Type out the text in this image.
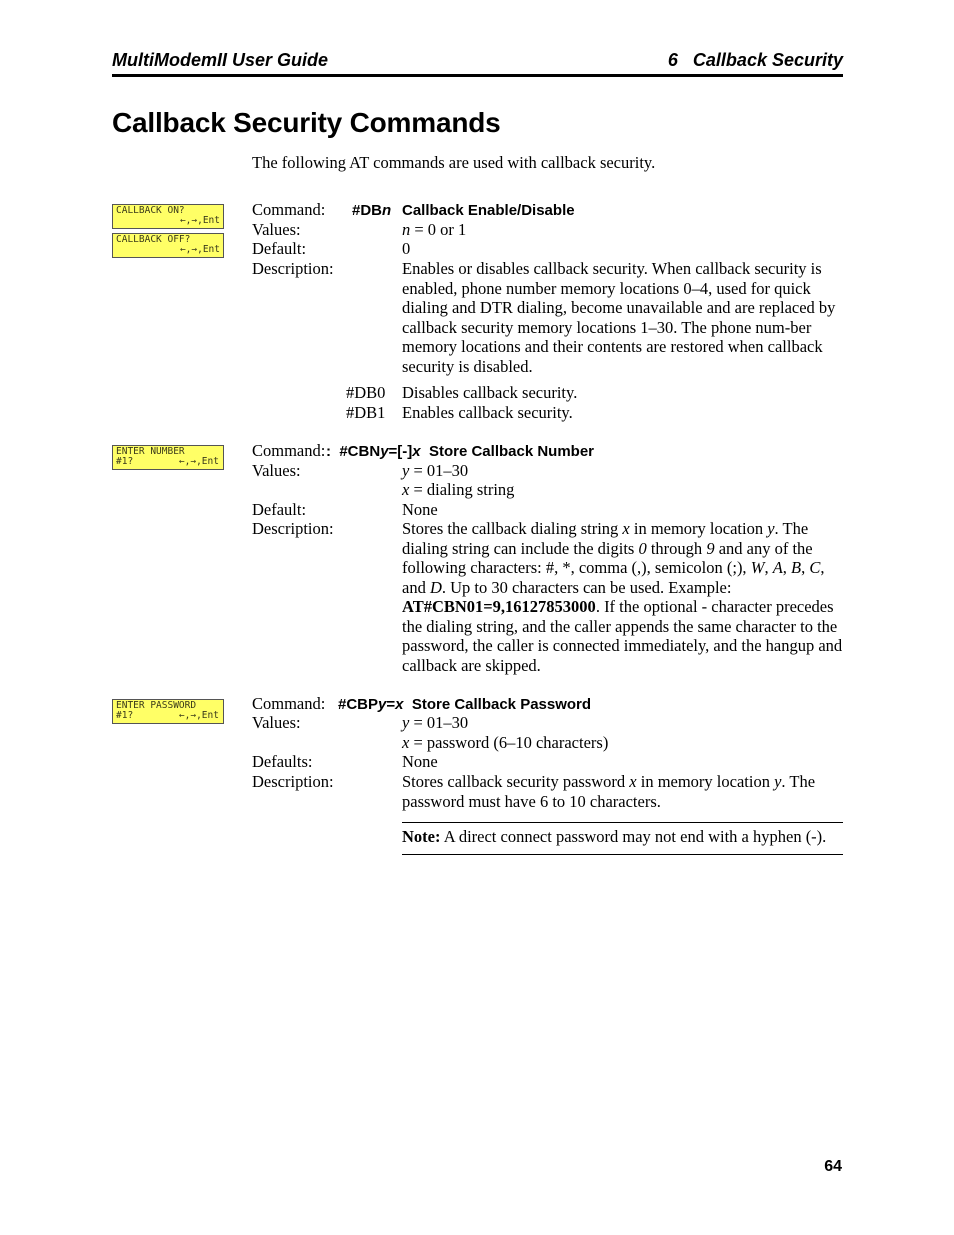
MultiModemII User Guide	6   Callback Security
Callback Security Commands
The following AT commands are used with callback security.
CALLBACK ON?
←,→,Ent
CALLBACK OFF?
←,→,Ent
Command: #DBn Callback Enable/Disable
Values:	n = 0 or 1
Default:	0
Description:	Enables or disables callback security. When callback security is enabled, phone number memory locations 0–4, used for quick dialing and DTR dialing, become unavailable and are replaced by callback security memory locations 1–30. The phone num-ber memory locations and their contents are restored when callback security is disabled.
#DB0 Disables callback security.
#DB1 Enables callback security.
ENTER NUMBER
#1?        ←,→,Ent
Command: : #CBNy=[-]x Store Callback Number
Values:	y = 01–30
x = dialing string
Default:	None
Description:	Stores the callback dialing string x in memory location y. The dialing string can include the digits 0 through 9 and any of the following characters: #, *, comma (,), semicolon (;), W, A, B, C, and D. Up to 30 characters can be used. Example: AT#CBN01=9,16127853000. If the optional - character precedes the dialing string, and the caller appends the same character to the password, the caller is connected immediately, and the hangup and callback are skipped.
ENTER PASSWORD
#1?        ←,→,Ent
Command: #CBPy=x Store Callback Password
Values:	y = 01–30
x = password (6–10 characters)
Defaults:	None
Description:	Stores callback security password x in memory location y. The password must have 6 to 10 characters.
Note: A direct connect password may not end with a hyphen (-).
64
